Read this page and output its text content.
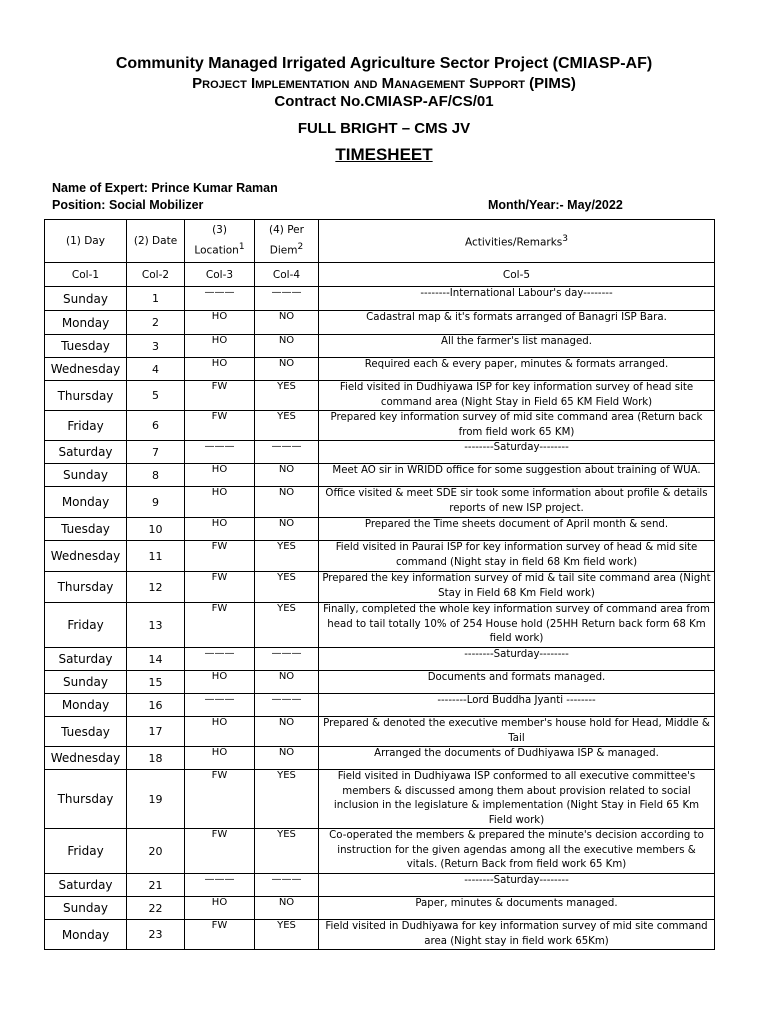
Community Managed Irrigated Agriculture Sector Project (CMIASP-AF)
Project Implementation and Management Support (PIMS)
Contract No.CMIASP-AF/CS/01
FULL BRIGHT – CMS JV
TIMESHEET
Name of Expert: Prince Kumar Raman
Position: Social Mobilizer	Month/Year:- May/2022
(1) Day	(2) Date	(3) Location$^1$	(4) Per Diem$^2$	Activities/Remarks$^3$
Col-1	Col-2	Col-3	Col-4	Col-5
Sunday	1	———	———	--------International Labour's day--------
Monday	2	HO	NO	Cadastral map & it's formats arranged of Banagri ISP Bara.
Tuesday	3	HO	NO	All the farmer's list managed.
Wednesday	4	HO	NO	Required each & every paper, minutes & formats arranged.
Thursday	5	FW	YES	Field visited in Dudhiyawa ISP for key information survey of head site command area (Night Stay in Field 65 KM Field Work)
Friday	6	FW	YES	Prepared key information survey of mid site command area (Return back from field work 65 KM)
Saturday	7	———	———	--------Saturday--------
Sunday	8	HO	NO	Meet AO sir in WRIDD office for some suggestion about training of WUA.
Monday	9	HO	NO	Office visited & meet SDE sir took some information about profile & details reports of new ISP project.
Tuesday	10	HO	NO	Prepared the Time sheets document of April month & send.
Wednesday	11	FW	YES	Field visited in Paurai ISP for key information survey of head & mid site command (Night stay in field 68 Km field work)
Thursday	12	FW	YES	Prepared the key information survey of mid & tail site command area (Night Stay in Field 68 Km Field work)
Friday	13	FW	YES	Finally, completed the whole key information survey of command area from head to tail totally 10% of 254 House hold (25HH Return back form 68 Km field work)
Saturday	14	———	———	--------Saturday--------
Sunday	15	HO	NO	Documents and formats managed.
Monday	16	———	———	--------Lord Buddha Jyanti --------
Tuesday	17	HO	NO	Prepared & denoted the executive member's house hold for Head, Middle & Tail
Wednesday	18	HO	NO	Arranged the documents of Dudhiyawa ISP & managed.
Thursday	19	FW	YES	Field visited in Dudhiyawa ISP conformed to all executive committee's members & discussed among them about provision related to social inclusion in the legislature & implementation (Night Stay in Field 65 Km Field work)
Friday	20	FW	YES	Co-operated the members & prepared the minute's decision according to instruction for the given agendas among all the executive members & vitals. (Return Back from field work 65 Km)
Saturday	21	———	———	--------Saturday--------
Sunday	22	HO	NO	Paper, minutes & documents managed.
Monday	23	FW	YES	Field visited in Dudhiyawa for key information survey of mid site command area (Night stay in field work 65Km)
